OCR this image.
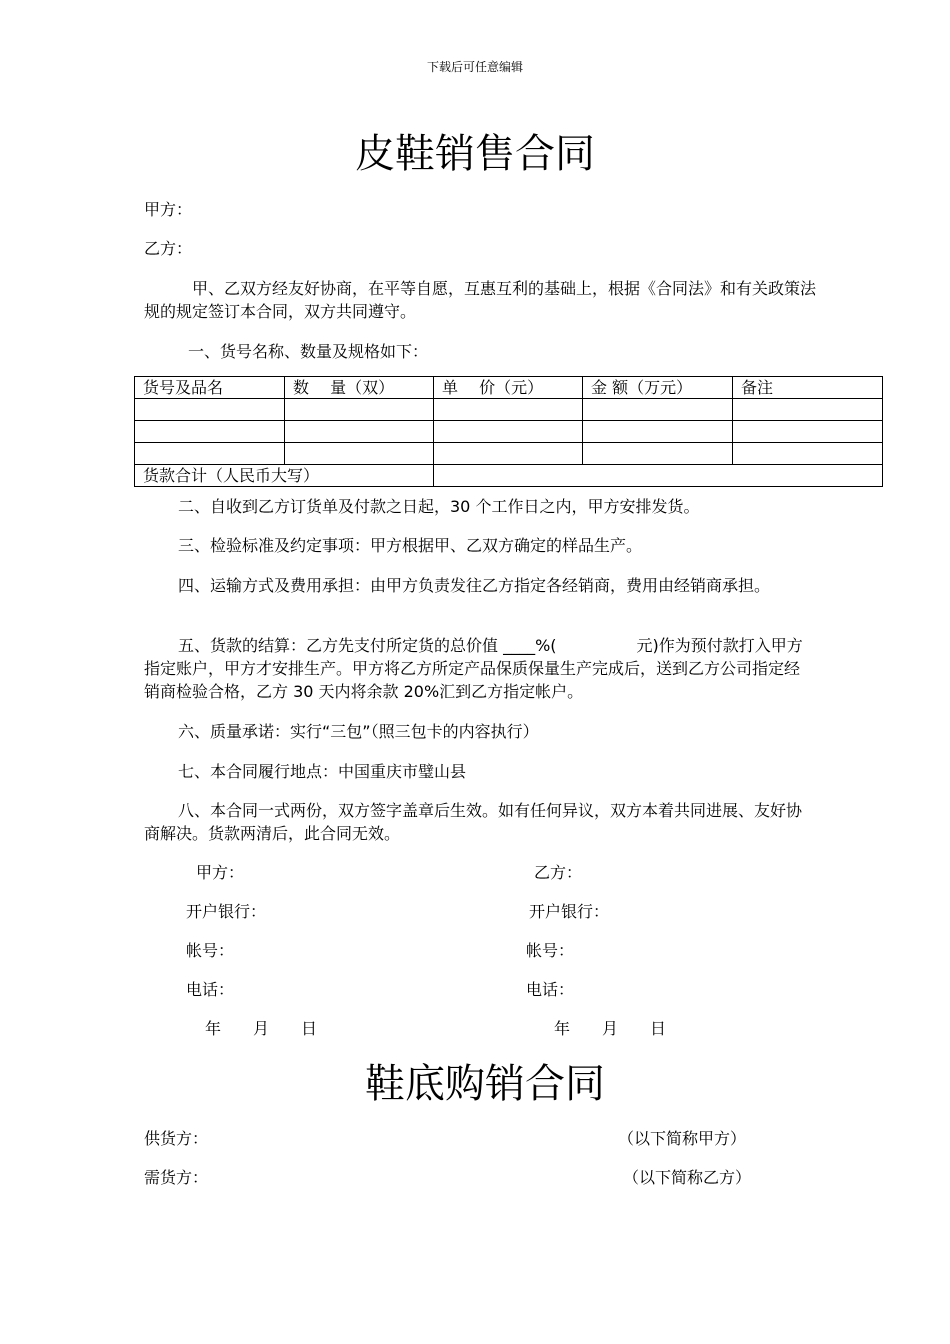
下载后可任意编辑
皮鞋销售合同
甲方：
乙方：
甲、乙双方经友好协商，在平等自愿，互惠互利的基础上，根据《合同法》和有关政策法规的规定签订本合同，双方共同遵守。
一、货号名称、数量及规格如下：
货号及品名	数　 量（双）	单　 价（元）	金 额（万元）	备注

货款合计（人民币大写）				
二、自收到乙方订货单及付款之日起，30 个工作日之内，甲方安排发货。
三、检验标准及约定事项：甲方根据甲、乙双方确定的样品生产。
四、运输方式及费用承担：由甲方负责发往乙方指定各经销商，费用由经销商承担。
五、货款的结算：乙方先支付所定货的总价值 ____%(　　　　　元)作为预付款打入甲方指定账户，甲方才安排生产。甲方将乙方所定产品保质保量生产完成后，送到乙方公司指定经销商检验合格，乙方 30 天内将余款 20%汇到乙方指定帐户。
六、质量承诺：实行“三包”（照三包卡的内容执行）
七、本合同履行地点：中国重庆市璧山县
八、本合同一式两份，双方签字盖章后生效。如有任何异议，双方本着共同进展、友好协商解决。货款两清后，此合同无效。
甲方：
开户银行：
帐号：
电话：
年　　月　　日
乙方：
开户银行：
帐号：
电话：
年　　月　　日
鞋底购销合同
供货方：	（以下简称甲方）
需货方：	（以下简称乙方）
